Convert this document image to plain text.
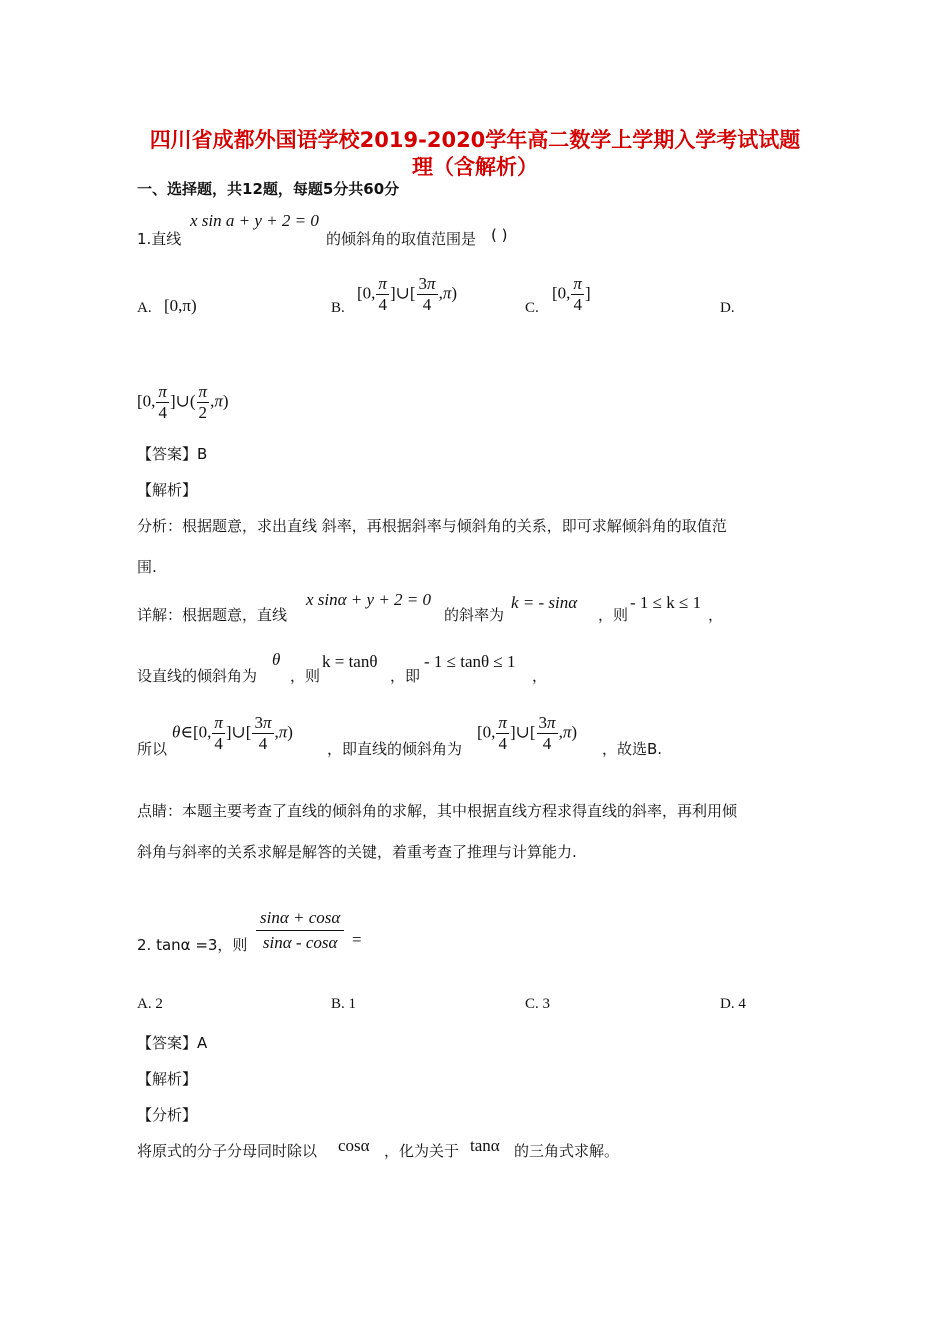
四川省成都外国语学校2019-2020学年高二数学上学期入学考试试题
理（含解析）
一、选择题，共12题，每题5分共60分
1.直线
x sin a + y + 2 = 0
的倾斜角的取值范围是 ( )
A. [0,π)	B.
[0, $\frac{\pi}{4}$ ]∪[ $\frac{3\pi}{4} ,\pi$)
C.
[0, $\frac{\pi}{4}$ ]
D.
[0, $\frac{\pi}{4}$ ]∪( $\frac{\pi}{2} ,\pi$)
【答案】B
【解析】
分析：根据题意，求出直线 斜率，再根据斜率与倾斜角的关系，即可求解倾斜角的取值范
围.
详解：根据题意，直线
x sinα + y + 2 = 0
的斜率为
k = - sinα
，则
- 1 ≤ k ≤ 1
，
设直线的倾斜角为
θ
，则
k = tanθ
，即
- 1 ≤ tanθ ≤ 1
，
所以
θ∈[0, $\frac{\pi}{4}$ ]∪[ $\frac{3\pi}{4} ,\pi$)
，即直线的倾斜角为
[0, $\frac{\pi}{4}$ ]∪[ $\frac{3\pi}{4} ,\pi$)
，故选B.
点睛：本题主要考查了直线的倾斜角的求解，其中根据直线方程求得直线的斜率，再利用倾
斜角与斜率的关系求解是解答的关键，着重考查了推理与计算能力.
2. tanα =3，则 $\frac{\sin\alpha + \cos\alpha}{\sin\alpha - \cos\alpha}$ =
A. 2	B. 1	C. 3	D. 4
【答案】A
【解析】
【分析】
将原式的分子分母同时除以 cosα ，化为关于 tanα 的三角式求解。
